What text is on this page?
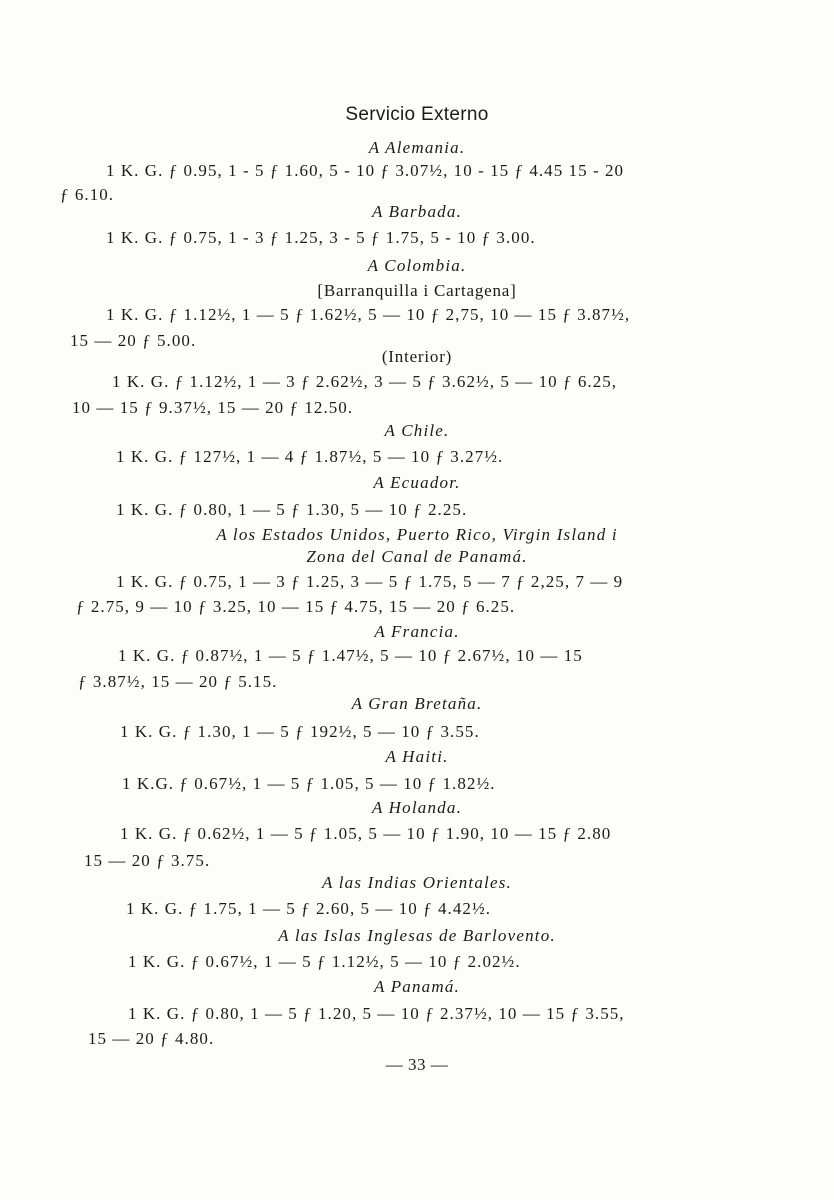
Servicio Externo
A Alemania.
1 K. G. ƒ 0.95, 1 - 5 ƒ 1.60, 5 - 10 ƒ 3.07½, 10 - 15 ƒ 4.45 15 - 20
ƒ 6.10.
A Barbada.
1 K. G. ƒ 0.75, 1 - 3 ƒ 1.25, 3 - 5 ƒ 1.75, 5 - 10 ƒ 3.00.
A Colombia.
[Barranquilla i Cartagena]
1 K. G. ƒ 1.12½, 1 — 5 ƒ 1.62½, 5 — 10 ƒ 2,75, 10 — 15 ƒ 3.87½,
15 — 20 ƒ 5.00.
(Interior)
1 K. G. ƒ 1.12½, 1 — 3 ƒ 2.62½, 3 — 5 ƒ 3.62½, 5 — 10 ƒ 6.25,
10 — 15 ƒ 9.37½, 15 — 20 ƒ 12.50.
A Chile.
1 K. G. ƒ 127½, 1 — 4 ƒ 1.87½, 5 — 10 ƒ 3.27½.
A Ecuador.
1 K. G. ƒ 0.80, 1 — 5 ƒ 1.30, 5 — 10 ƒ 2.25.
A los Estados Unidos, Puerto Rico, Virgin Island i
Zona del Canal de Panamá.
1 K. G. ƒ 0.75, 1 — 3 ƒ 1.25, 3 — 5 ƒ 1.75, 5 — 7 ƒ 2,25, 7 — 9
ƒ 2.75, 9 — 10 ƒ 3.25, 10 — 15 ƒ 4.75, 15 — 20 ƒ 6.25.
A Francia.
1 K. G. ƒ 0.87½, 1 — 5 ƒ 1.47½, 5 — 10 ƒ 2.67½, 10 — 15
ƒ 3.87½, 15 — 20 ƒ 5.15.
A Gran Bretaña.
1 K. G. ƒ 1.30, 1 — 5 ƒ 192½, 5 — 10 ƒ 3.55.
A Haiti.
1 K.G. ƒ 0.67½, 1 — 5 ƒ 1.05, 5 — 10 ƒ 1.82½.
A Holanda.
1 K. G. ƒ 0.62½, 1 — 5 ƒ 1.05, 5 — 10 ƒ 1.90, 10 — 15 ƒ 2.80
15 — 20 ƒ 3.75.
A las Indias Orientales.
1 K. G. ƒ 1.75, 1 — 5 ƒ 2.60, 5 — 10 ƒ 4.42½.
A las Islas Inglesas de Barlovento.
1 K. G. ƒ 0.67½, 1 — 5 ƒ 1.12½, 5 — 10 ƒ 2.02½.
A Panamá.
1 K. G. ƒ 0.80, 1 — 5 ƒ 1.20, 5 — 10 ƒ 2.37½, 10 — 15 ƒ 3.55,
15 — 20 ƒ 4.80.
— 33 —
